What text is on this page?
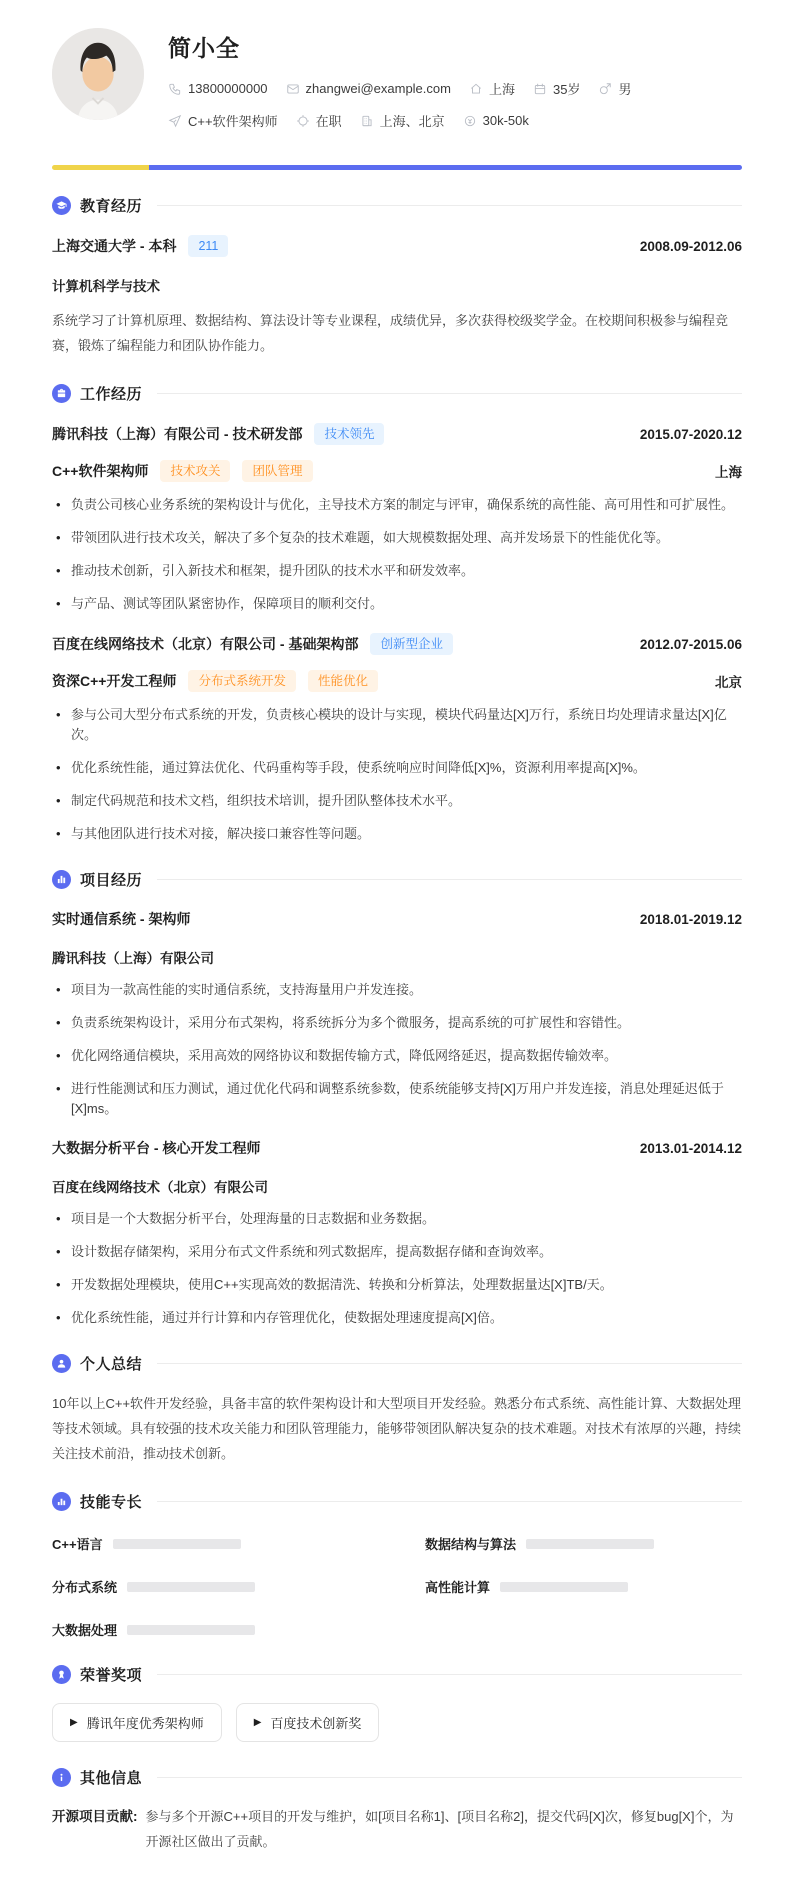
简小全
13800000000	zhangwei@example.com	上海	35岁	男
C++软件架构师	在职	上海、北京	30k-50k
教育经历
上海交通大学 - 本科	211	2008.09-2012.06
计算机科学与技术

系统学习了计算机原理、数据结构、算法设计等专业课程，成绩优异，多次获得校级奖学金。在校期间积极参与编程竞赛，锻炼了编程能力和团队协作能力。

工作经历
腾讯科技（上海）有限公司 - 技术研发部	技术领先	2015.07-2020.12
C++软件架构师	技术攻关	团队管理	上海
• 负责公司核心业务系统的架构设计与优化，主导技术方案的制定与评审，确保系统的高性能、高可用性和可扩展性。
• 带领团队进行技术攻关，解决了多个复杂的技术难题，如大规模数据处理、高并发场景下的性能优化等。
• 推动技术创新，引入新技术和框架，提升团队的技术水平和研发效率。
• 与产品、测试等团队紧密协作，保障项目的顺利交付。
百度在线网络技术（北京）有限公司 - 基础架构部	创新型企业	2012.07-2015.06
资深C++开发工程师	分布式系统开发	性能优化	北京
• 参与公司大型分布式系统的开发，负责核心模块的设计与实现，模块代码量达[X]万行，系统日均处理请求量达[X]亿次。
• 优化系统性能，通过算法优化、代码重构等手段，使系统响应时间降低[X]%，资源利用率提高[X]%。
• 制定代码规范和技术文档，组织技术培训，提升团队整体技术水平。
• 与其他团队进行技术对接，解决接口兼容性等问题。
项目经历
实时通信系统 - 架构师	2018.01-2019.12
腾讯科技（上海）有限公司
• 项目为一款高性能的实时通信系统，支持海量用户并发连接。
• 负责系统架构设计，采用分布式架构，将系统拆分为多个微服务，提高系统的可扩展性和容错性。
• 优化网络通信模块，采用高效的网络协议和数据传输方式，降低网络延迟，提高数据传输效率。
• 进行性能测试和压力测试，通过优化代码和调整系统参数，使系统能够支持[X]万用户并发连接，消息处理延迟低于[X]ms。
大数据分析平台 - 核心开发工程师	2013.01-2014.12
百度在线网络技术（北京）有限公司
• 项目是一个大数据分析平台，处理海量的日志数据和业务数据。
• 设计数据存储架构，采用分布式文件系统和列式数据库，提高数据存储和查询效率。
• 开发数据处理模块，使用C++实现高效的数据清洗、转换和分析算法，处理数据量达[X]TB/天。
• 优化系统性能，通过并行计算和内存管理优化，使数据处理速度提高[X]倍。
个人总结

10年以上C++软件开发经验，具备丰富的软件架构设计和大型项目开发经验。熟悉分布式系统、高性能计算、大数据处理等技术领域。具有较强的技术攻关能力和团队管理能力，能够带领团队解决复杂的技术难题。对技术有浓厚的兴趣，持续关注技术前沿，推动技术创新。

技能专长
C++语言	数据结构与算法
分布式系统	高性能计算
大数据处理
荣誉奖项
▶ 腾讯年度优秀架构师	▶ 百度技术创新奖
其他信息
开源项目贡献: 参与多个开源C++项目的开发与维护，如[项目名称1]、[项目名称2]，提交代码[X]次，修复bug[X]个，为开源社区做出了贡献。
